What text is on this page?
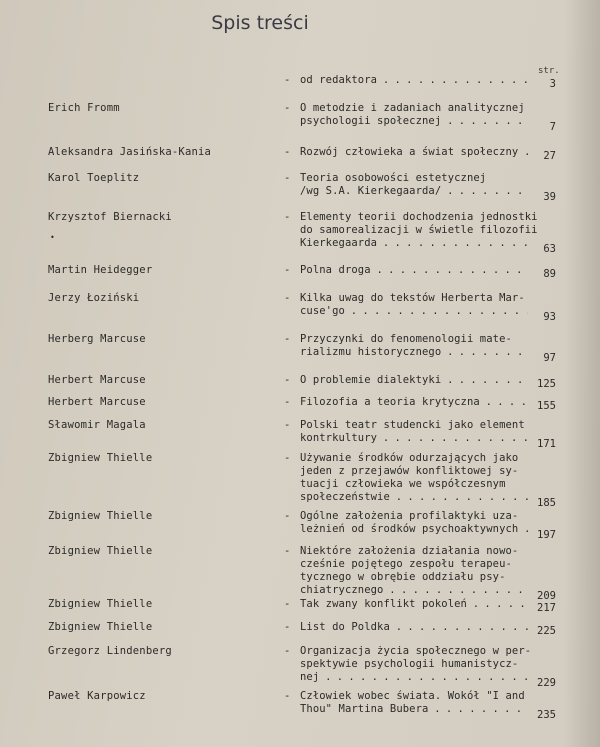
Spis treści
str.
•
- od redaktora . . .	3
Erich Fromm	- O metodzie i zadaniach analitycznej
psychologii społecznej . . .	7
Aleksandra Jasińska-Kania	- Rozwój człowieka a świat społeczny . . .	27
Karol Toeplitz	- Teoria osobowości estetycznej
/wg S.A. Kierkegaarda/ . . .	39
Krzysztof Biernacki	- Elementy teorii dochodzenia jednostki
do samorealizacji w świetle filozofii
Kierkegaarda . . .	63
Martin Heidegger	- Polna droga . . .	89
Jerzy Łoziński	- Kilka uwag do tekstów Herberta Mar-
cuse'go . . .	93
Herberg Marcuse	- Przyczynki do fenomenologii mate-
rializmu historycznego . . .	97
Herbert Marcuse	- O problemie dialektyki . . .	125
Herbert Marcuse	- Filozofia a teoria krytyczna . . .	155
Sławomir Magala	- Polski teatr studencki jako element
kontrkultury . . .	171
Zbigniew Thielle	- Używanie środków odurzających jako
jeden z przejawów konfliktowej sy-
tuacji człowieka we współczesnym
społeczeństwie . . .	185
Zbigniew Thielle	- Ogólne założenia profilaktyki uza-
leżnień od środków psychoaktywnych . . .	197
Zbigniew Thielle	- Niektóre założenia działania nowo-
cześnie pojętego zespołu terapeu-
tycznego w obrębie oddziału psy-
chiatrycznego . . .	209
Zbigniew Thielle	- Tak zwany konflikt pokoleń . . .	217
Zbigniew Thielle	- List do Poldka . . .	225
Grzegorz Lindenberg	- Organizacja życia społecznego w per-
spektywie psychologii humanistycz-
nej . . .	229
Paweł Karpowicz	- Człowiek wobec świata. Wokół "I and
Thou" Martina Bubera . . .	235
